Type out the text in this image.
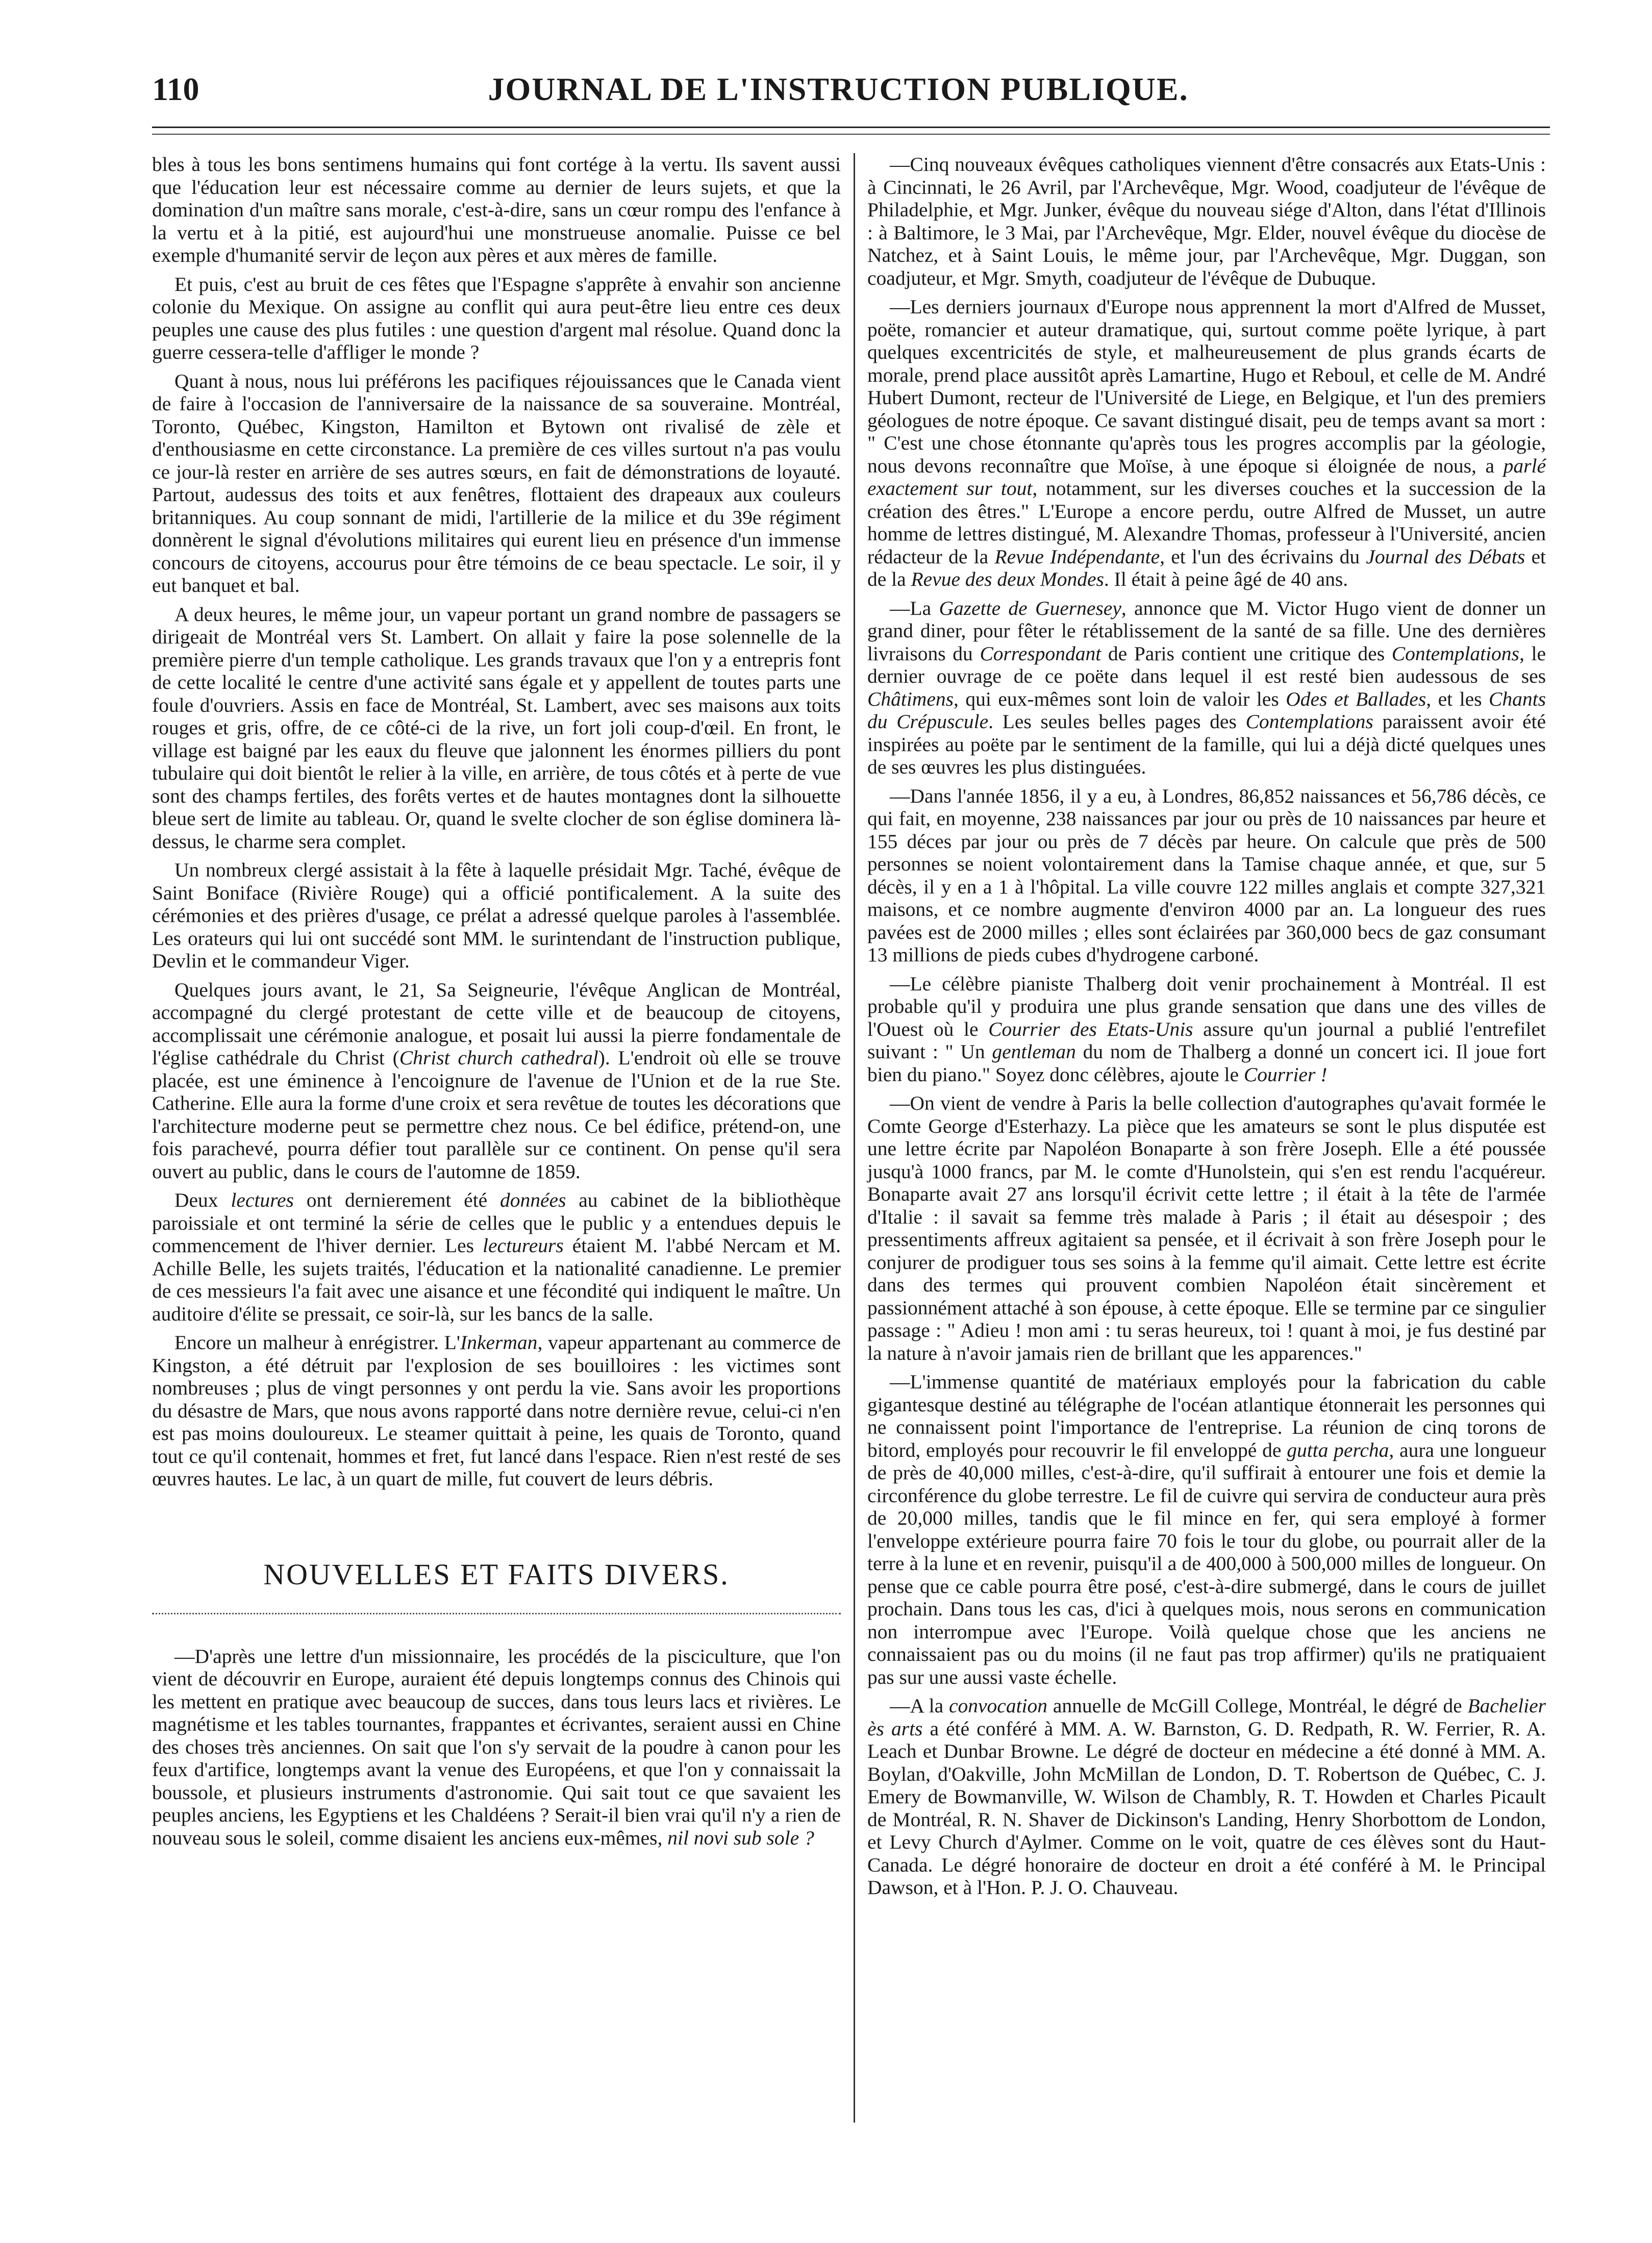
110	JOURNAL DE L'INSTRUCTION PUBLIQUE.

bles à tous les bons sentimens humains qui font cortége à la vertu. Ils savent aussi que l'éducation leur est nécessaire comme au dernier de leurs sujets, et que la domination d'un maître sans morale, c'est-à-dire, sans un cœur rompu des l'enfance à la vertu et à la pitié, est aujourd'hui une monstrueuse anomalie. Puisse ce bel exemple d'humanité servir de leçon aux pères et aux mères de famille.

Et puis, c'est au bruit de ces fêtes que l'Espagne s'apprête à envahir son ancienne colonie du Mexique. On assigne au conflit qui aura peut-être lieu entre ces deux peuples une cause des plus futiles : une question d'argent mal résolue. Quand donc la guerre cessera-telle d'affliger le monde ?

Quant à nous, nous lui préférons les pacifiques réjouissances que le Canada vient de faire à l'occasion de l'anniversaire de la naissance de sa souveraine. Montréal, Toronto, Québec, Kingston, Hamilton et Bytown ont rivalisé de zèle et d'enthousiasme en cette circonstance. La première de ces villes surtout n'a pas voulu ce jour-là rester en arrière de ses autres sœurs, en fait de démonstrations de loyauté. Partout, audessus des toits et aux fenêtres, flottaient des drapeaux aux couleurs britanniques. Au coup sonnant de midi, l'artillerie de la milice et du 39e régiment donnèrent le signal d'évolutions militaires qui eurent lieu en présence d'un immense concours de citoyens, accourus pour être témoins de ce beau spectacle. Le soir, il y eut banquet et bal.

A deux heures, le même jour, un vapeur portant un grand nombre de passagers se dirigeait de Montréal vers St. Lambert. On allait y faire la pose solennelle de la première pierre d'un temple catholique. Les grands travaux que l'on y a entrepris font de cette localité le centre d'une activité sans égale et y appellent de toutes parts une foule d'ouvriers. Assis en face de Montréal, St. Lambert, avec ses maisons aux toits rouges et gris, offre, de ce côté-ci de la rive, un fort joli coup-d'œil. En front, le village est baigné par les eaux du fleuve que jalonnent les énormes pilliers du pont tubulaire qui doit bientôt le relier à la ville, en arrière, de tous côtés et à perte de vue sont des champs fertiles, des forêts vertes et de hautes montagnes dont la silhouette bleue sert de limite au tableau. Or, quand le svelte clocher de son église dominera là-dessus, le charme sera complet.

Un nombreux clergé assistait à la fête à laquelle présidait Mgr. Taché, évêque de Saint Boniface (Rivière Rouge) qui a officié pontificalement. A la suite des cérémonies et des prières d'usage, ce prélat a adressé quelque paroles à l'assemblée. Les orateurs qui lui ont succédé sont MM. le surintendant de l'instruction publique, Devlin et le commandeur Viger.

Quelques jours avant, le 21, Sa Seigneurie, l'évêque Anglican de Montréal, accompagné du clergé protestant de cette ville et de beaucoup de citoyens, accomplissait une cérémonie analogue, et posait lui aussi la pierre fondamentale de l'église cathédrale du Christ (Christ church cathedral). L'endroit où elle se trouve placée, est une éminence à l'encoignure de l'avenue de l'Union et de la rue Ste. Catherine. Elle aura la forme d'une croix et sera revêtue de toutes les décorations que l'architecture moderne peut se permettre chez nous. Ce bel édifice, prétend-on, une fois parachevé, pourra défier tout parallèle sur ce continent. On pense qu'il sera ouvert au public, dans le cours de l'automne de 1859.

Deux lectures ont dernierement été données au cabinet de la bibliothèque paroissiale et ont terminé la série de celles que le public y a entendues depuis le commencement de l'hiver dernier. Les lectureurs étaient M. l'abbé Nercam et M. Achille Belle, les sujets traités, l'éducation et la nationalité canadienne. Le premier de ces messieurs l'a fait avec une aisance et une fécondité qui indiquent le maître. Un auditoire d'élite se pressait, ce soir-là, sur les bancs de la salle.

Encore un malheur à enrégistrer. L'Inkerman, vapeur appartenant au commerce de Kingston, a été détruit par l'explosion de ses bouilloires : les victimes sont nombreuses ; plus de vingt personnes y ont perdu la vie. Sans avoir les proportions du désastre de Mars, que nous avons rapporté dans notre dernière revue, celui-ci n'en est pas moins douloureux. Le steamer quittait à peine, les quais de Toronto, quand tout ce qu'il contenait, hommes et fret, fut lancé dans l'espace. Rien n'est resté de ses œuvres hautes. Le lac, à un quart de mille, fut couvert de leurs débris.

NOUVELLES ET FAITS DIVERS.

—D'après une lettre d'un missionnaire, les procédés de la pisciculture, que l'on vient de découvrir en Europe, auraient été depuis longtemps connus des Chinois qui les mettent en pratique avec beaucoup de succes, dans tous leurs lacs et rivières. Le magnétisme et les tables tournantes, frappantes et écrivantes, seraient aussi en Chine des choses très anciennes. On sait que l'on s'y servait de la poudre à canon pour les feux d'artifice, longtemps avant la venue des Européens, et que l'on y connaissait la boussole, et plusieurs instruments d'astronomie. Qui sait tout ce que savaient les peuples anciens, les Egyptiens et les Chaldéens ? Serait-il bien vrai qu'il n'y a rien de nouveau sous le soleil, comme disaient les anciens eux-mêmes, nil novi sub sole ?

—Cinq nouveaux évêques catholiques viennent d'être consacrés aux Etats-Unis : à Cincinnati, le 26 Avril, par l'Archevêque, Mgr. Wood, coadjuteur de l'évêque de Philadelphie, et Mgr. Junker, évêque du nouveau siége d'Alton, dans l'état d'Illinois : à Baltimore, le 3 Mai, par l'Archevêque, Mgr. Elder, nouvel évêque du diocèse de Natchez, et à Saint Louis, le même jour, par l'Archevêque, Mgr. Duggan, son coadjuteur, et Mgr. Smyth, coadjuteur de l'évêque de Dubuque.

—Les derniers journaux d'Europe nous apprennent la mort d'Alfred de Musset, poëte, romancier et auteur dramatique, qui, surtout comme poëte lyrique, à part quelques excentricités de style, et malheureusement de plus grands écarts de morale, prend place aussitôt après Lamartine, Hugo et Reboul, et celle de M. André Hubert Dumont, recteur de l'Université de Liege, en Belgique, et l'un des premiers géologues de notre époque. Ce savant distingué disait, peu de temps avant sa mort : " C'est une chose étonnante qu'après tous les progres accomplis par la géologie, nous devons reconnaître que Moïse, à une époque si éloignée de nous, a parlé exactement sur tout, notamment, sur les diverses couches et la succession de la création des êtres." L'Europe a encore perdu, outre Alfred de Musset, un autre homme de lettres distingué, M. Alexandre Thomas, professeur à l'Université, ancien rédacteur de la Revue Indépendante, et l'un des écrivains du Journal des Débats et de la Revue des deux Mondes. Il était à peine âgé de 40 ans.

—La Gazette de Guernesey, annonce que M. Victor Hugo vient de donner un grand diner, pour fêter le rétablissement de la santé de sa fille. Une des dernières livraisons du Correspondant de Paris contient une critique des Contemplations, le dernier ouvrage de ce poëte dans lequel il est resté bien audessous de ses Châtimens, qui eux-mêmes sont loin de valoir les Odes et Ballades, et les Chants du Crépuscule. Les seules belles pages des Contemplations paraissent avoir été inspirées au poëte par le sentiment de la famille, qui lui a déjà dicté quelques unes de ses œuvres les plus distinguées.

—Dans l'année 1856, il y a eu, à Londres, 86,852 naissances et 56,786 décès, ce qui fait, en moyenne, 238 naissances par jour ou près de 10 naissances par heure et 155 déces par jour ou près de 7 décès par heure. On calcule que près de 500 personnes se noient volontairement dans la Tamise chaque année, et que, sur 5 décès, il y en a 1 à l'hôpital. La ville couvre 122 milles anglais et compte 327,321 maisons, et ce nombre augmente d'environ 4000 par an. La longueur des rues pavées est de 2000 milles ; elles sont éclairées par 360,000 becs de gaz consumant 13 millions de pieds cubes d'hydrogene carboné.

—Le célèbre pianiste Thalberg doit venir prochainement à Montréal. Il est probable qu'il y produira une plus grande sensation que dans une des villes de l'Ouest où le Courrier des Etats-Unis assure qu'un journal a publié l'entrefilet suivant : " Un gentleman du nom de Thalberg a donné un concert ici. Il joue fort bien du piano." Soyez donc célèbres, ajoute le Courrier !

—On vient de vendre à Paris la belle collection d'autographes qu'avait formée le Comte George d'Esterhazy. La pièce que les amateurs se sont le plus disputée est une lettre écrite par Napoléon Bonaparte à son frère Joseph. Elle a été poussée jusqu'à 1000 francs, par M. le comte d'Hunolstein, qui s'en est rendu l'acquéreur. Bonaparte avait 27 ans lorsqu'il écrivit cette lettre ; il était à la tête de l'armée d'Italie : il savait sa femme très malade à Paris ; il était au désespoir ; des pressentiments affreux agitaient sa pensée, et il écrivait à son frère Joseph pour le conjurer de prodiguer tous ses soins à la femme qu'il aimait. Cette lettre est écrite dans des termes qui prouvent combien Napoléon était sincèrement et passionnément attaché à son épouse, à cette époque. Elle se termine par ce singulier passage : " Adieu ! mon ami : tu seras heureux, toi ! quant à moi, je fus destiné par la nature à n'avoir jamais rien de brillant que les apparences."

—L'immense quantité de matériaux employés pour la fabrication du cable gigantesque destiné au télégraphe de l'océan atlantique étonnerait les personnes qui ne connaissent point l'importance de l'entreprise. La réunion de cinq torons de bitord, employés pour recouvrir le fil enveloppé de gutta percha, aura une longueur de près de 40,000 milles, c'est-à-dire, qu'il suffirait à entourer une fois et demie la circonférence du globe terrestre. Le fil de cuivre qui servira de conducteur aura près de 20,000 milles, tandis que le fil mince en fer, qui sera employé à former l'enveloppe extérieure pourra faire 70 fois le tour du globe, ou pourrait aller de la terre à la lune et en revenir, puisqu'il a de 400,000 à 500,000 milles de longueur. On pense que ce cable pourra être posé, c'est-à-dire submergé, dans le cours de juillet prochain. Dans tous les cas, d'ici à quelques mois, nous serons en communication non interrompue avec l'Europe. Voilà quelque chose que les anciens ne connaissaient pas ou du moins (il ne faut pas trop affirmer) qu'ils ne pratiquaient pas sur une aussi vaste échelle.

—A la convocation annuelle de McGill College, Montréal, le dégré de Bachelier ès arts a été conféré à MM. A. W. Barnston, G. D. Redpath, R. W. Ferrier, R. A. Leach et Dunbar Browne. Le dégré de docteur en médecine a été donné à MM. A. Boylan, d'Oakville, John McMillan de London, D. T. Robertson de Québec, C. J. Emery de Bowmanville, W. Wilson de Chambly, R. T. Howden et Charles Picault de Montréal, R. N. Shaver de Dickinson's Landing, Henry Shorbottom de London, et Levy Church d'Aylmer. Comme on le voit, quatre de ces élèves sont du Haut-Canada. Le dégré honoraire de docteur en droit a été conféré à M. le Principal Dawson, et à l'Hon. P. J. O. Chauveau.
